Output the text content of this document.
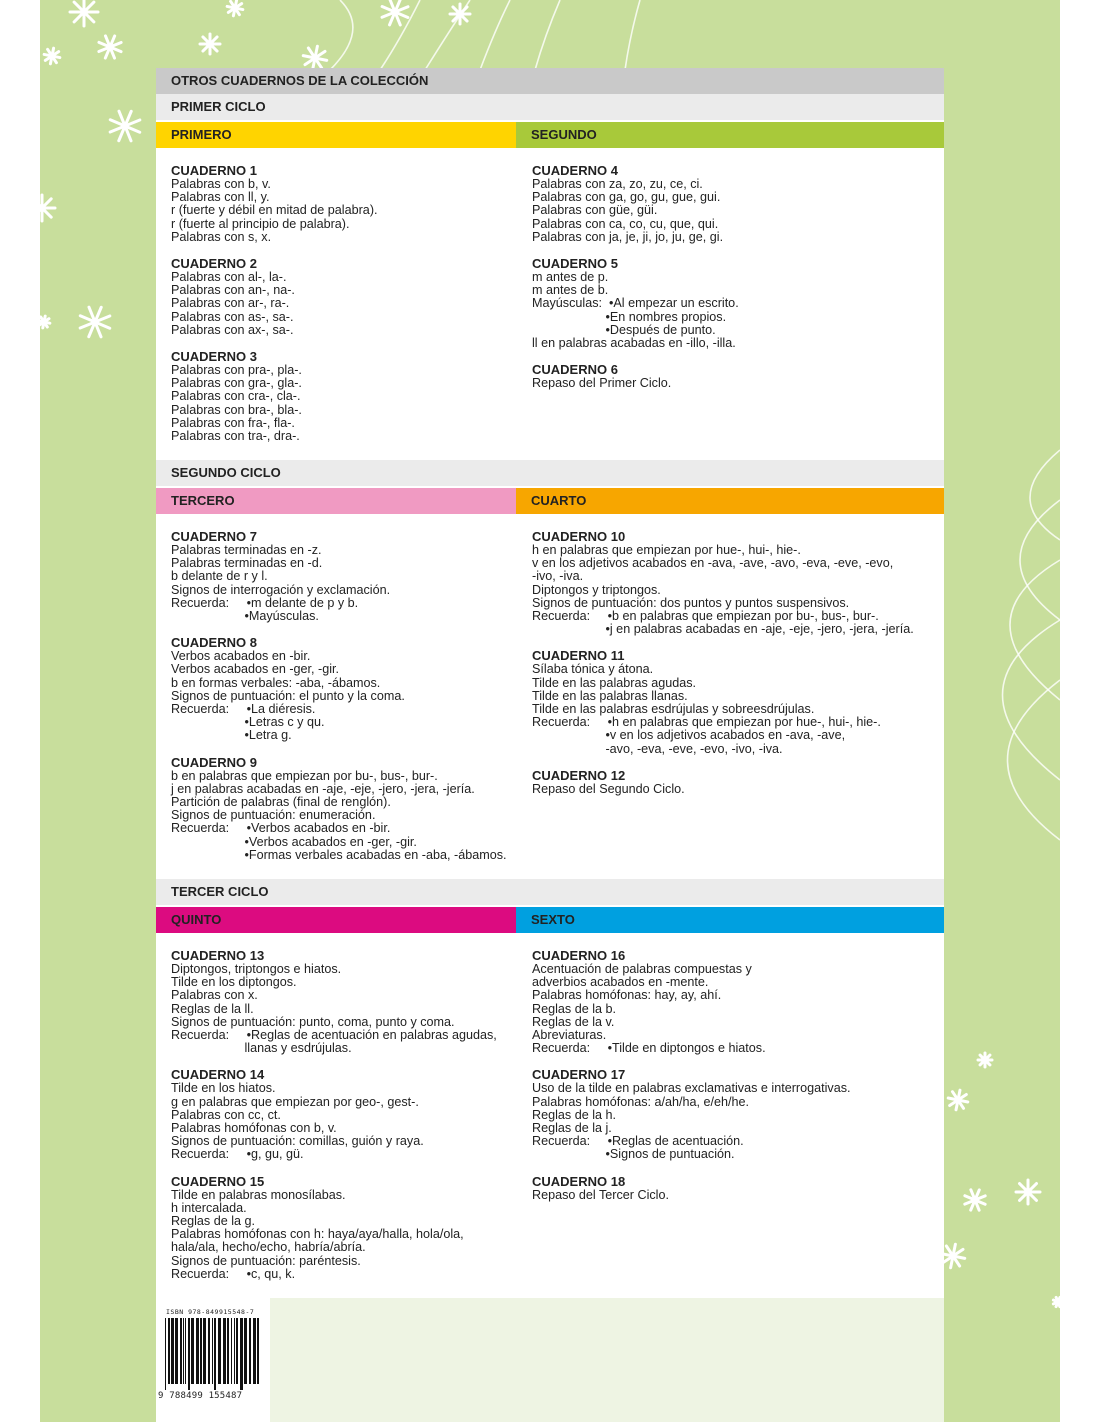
OTROS CUADERNOS DE LA COLECCIÓN
PRIMER CICLO
PRIMERO	SEGUNDO
CUADERNO 1
Palabras con b, v.
Palabras con ll, y.
r (fuerte y débil en mitad de palabra).
r (fuerte al principio de palabra).
Palabras con s, x.
CUADERNO 2
Palabras con al-, la-.
Palabras con an-, na-.
Palabras con ar-, ra-.
Palabras con as-, sa-.
Palabras con ax-, sa-.
CUADERNO 3
Palabras con pra-, pla-.
Palabras con gra-, gla-.
Palabras con cra-, cla-.
Palabras con bra-, bla-.
Palabras con fra-, fla-.
Palabras con tra-, dra-.
CUADERNO 4
Palabras con za, zo, zu, ce, ci.
Palabras con ga, go, gu, gue, gui.
Palabras con güe, güi.
Palabras con ca, co, cu, que, qui.
Palabras con ja, je, ji, jo, ju, ge, gi.
CUADERNO 5
m antes de p.
m antes de b.
Mayúsculas:  •Al empezar un escrito.
•En nombres propios.
•Después de punto.
ll en palabras acabadas en -illo, -illa.
CUADERNO 6
Repaso del Primer Ciclo.
SEGUNDO CICLO
TERCERO	CUARTO
CUADERNO 7
Palabras terminadas en -z.
Palabras terminadas en -d.
b delante de r y l.
Signos de interrogación y exclamación.
Recuerda:     •m delante de p y b.
•Mayúsculas.
CUADERNO 8
Verbos acabados en -bir.
Verbos acabados en -ger, -gir.
b en formas verbales: -aba, -ábamos.
Signos de puntuación: el punto y la coma.
Recuerda:     •La diéresis.
•Letras c y qu.
•Letra g.
CUADERNO 9
b en palabras que empiezan por bu-, bus-, bur-.
j en palabras acabadas en -aje, -eje, -jero, -jera, -jería.
Partición de palabras (final de renglón).
Signos de puntuación: enumeración.
Recuerda:     •Verbos acabados en -bir.
•Verbos acabados en -ger, -gir.
•Formas verbales acabadas en -aba, -ábamos.
CUADERNO 10
h en palabras que empiezan por hue-, hui-, hie-.
v en los adjetivos acabados en -ava, -ave, -avo, -eva, -eve, -evo,
-ivo, -iva.
Diptongos y triptongos.
Signos de puntuación: dos puntos y puntos suspensivos.
Recuerda:     •b en palabras que empiezan por bu-, bus-, bur-.
•j en palabras acabadas en -aje, -eje, -jero, -jera, -jería.
CUADERNO 11
Sílaba tónica y átona.
Tilde en las palabras agudas.
Tilde en las palabras llanas.
Tilde en las palabras esdrújulas y sobreesdrújulas.
Recuerda:     •h en palabras que empiezan por hue-, hui-, hie-.
•v en los adjetivos acabados en -ava, -ave,
-avo, -eva, -eve, -evo, -ivo, -iva.
CUADERNO 12
Repaso del Segundo Ciclo.
TERCER CICLO
QUINTO	SEXTO
CUADERNO 13
Diptongos, triptongos e hiatos.
Tilde en los diptongos.
Palabras con x.
Reglas de la ll.
Signos de puntuación: punto, coma, punto y coma.
Recuerda:     •Reglas de acentuación en palabras agudas,
llanas y esdrújulas.
CUADERNO 14
Tilde en los hiatos.
g en palabras que empiezan por geo-, gest-.
Palabras con cc, ct.
Palabras homófonas con b, v.
Signos de puntuación: comillas, guión y raya.
Recuerda:     •g, gu, gü.
CUADERNO 15
Tilde en palabras monosílabas.
h intercalada.
Reglas de la g.
Palabras homófonas con h: haya/aya/halla, hola/ola,
hala/ala, hecho/echo, habría/abría.
Signos de puntuación: paréntesis.
Recuerda:     •c, qu, k.
CUADERNO 16
Acentuación de palabras compuestas y
adverbios acabados en -mente.
Palabras homófonas: hay, ay, ahí.
Reglas de la b.
Reglas de la v.
Abreviaturas.
Recuerda:     •Tilde en diptongos e hiatos.
CUADERNO 17
Uso de la tilde en palabras exclamativas e interrogativas.
Palabras homófonas: a/ah/ha, e/eh/he.
Reglas de la h.
Reglas de la j.
Recuerda:     •Reglas de acentuación.
•Signos de puntuación.
CUADERNO 18
Repaso del Tercer Ciclo.
ISBN 978-849915548-7
9 788499 155487
